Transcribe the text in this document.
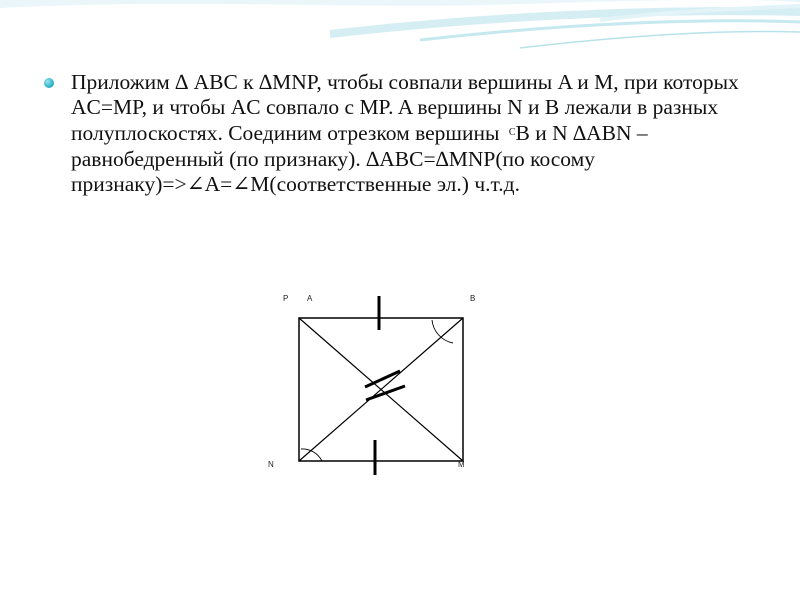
Приложим ∆ ABC к ∆MNP, чтобы совпали вершины A и M, при которых AC=MP, и чтобы AC совпало с MP. A вершины N и B лежали в разных полуплоскостях. Соединим отрезком вершины $^C$B и N ∆ABN – равнобедренный (по признаку). ∆ABC=∆MNP(по косому признаку)=>∠A=∠M(соответственные эл.) ч.т.д.

P A	B
N	M
